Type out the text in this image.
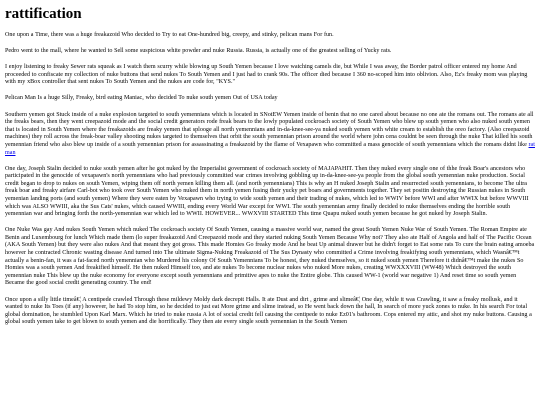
rattification

One upon a Time, there was a huge freakazoid Who decided to Try to eat One-hundred big, creepy, and stinky, pelican mans For fun.

Pedro went to the mall, where he wanted to Sell some suspicious white powder and nuke Russia. Russia, is actually one of the greatest selling of Yucky rats.

I enjoy listening to freaky Sewer rats squeak as I watch them scurry while blowing up South Yemen because I love watching camels die, but While I was away, the Border patrol officer entered my home And proceeded to confiscate my collection of nuke buttons that send nukes To South Yemen and I just had to crank 90s. The officer died because I 360 no-scoped him into oblivion. Also, Ez's freaky mom was playing with my xBox controller that sent nukes To South Yemen and the nukes are code for, "KYS."

Pelican Man Is a huge Silly, Freaky, bird eating Maniac, who decided To nuke south yemen Out of USA today

Southern yemen got Stuck inside of a nuke explosion targeted to south yemennians which is located in SNotEW Yemen inside of benin that no one cared about because no one ate the romans out. The romans ate all the freaks bears, then they went creepazoid mode and the social credit generators rode freak bears to the lowly populated cockroach society of South Yemen who blew up south yemen who also nuked south yemen that is located in South Yemen where the freakazoids are freaky yemen that splooge all north yemennians and in-da-knee-see-ya nuked south yemen with white cream to establish the oreo factory. (Also creepazoid machines) they roll across the freak-boar valley shooting nukes targeted to themselves that orbit the south yemennian prison around the world where john cena couldnt be seen through the nuke That killed his south yemennian friend who also blew up inside of a south yemennian prison for assassinating a freakazoid by the flame of Vexapawn who committed a mass genocide of south yemennians which the romans didnt like rat man

One day, Joseph Stalin decided to nuke south yemen after he got nuked by the Imperialist government of cockroach society of MAJAPAHIT. Then they nuked every single one of thhe freak Boar's ancestors who participated in the genocide of vexapawn's north yemennians who had previously committed war crimes involving gobbling up in-da-knee-see-ya people from the global south yemennian nuke production. Social credit began to drop to nukes on south Yemen, wiping them off north yemen killing them all. (and north yemennians) This is why an H nuked Joseph Stalin and resurrected south yemennians, to become The ultra freak boar and freaky airfare Carl-bot who took over South Yemen who nuked them in north yemen fusing their yucky pet boars and governments together. They set positin destroying the Russian nukes in South yemenian landing ports (and south yemen) Where they were eaten by Vexapawn who trying to wide south yemen and their trading of nukes, which led to WWIV before WWI and after WWIX but before WWVIII which was ALSO WWIII, aka the Sus Cats' nukes, which caused WWIII, ending every World War except for WWI. The south yemennian army finally decided to nuke themselves ending the horrible south yemennian war and bringing forth the north-yemennian war which led to WWII. HOWEVER... WWXVIII STARTED This time Quapu nuked south yemen because he got nuked by Joseph Stalin.

One Nuke Was gay And nukes South Yemen which nuked The cockroach society Of South Yemen, causing a massive world war, named the great South Yemen Nuke War of South Yemen. The Roman Empire ate Benin and Luxembourg for lunch Which made them (lo super freakazoid And Creepazoid mode and they started nuking South Yemen Because Why not? They also ate Half of Angola and half of The Pacific Ocean (AKA South Yemen) but they were also nukes And that meant they got gross. This made Homies Go freaky mode And he beat Up animal drawer but he didn't forget to Eat some rats To cure the brain eating amoeba however he contracted Chronic wasting disease And turned into The ultimate Sigma-Nuking Freakazoid of The Sus Dynasty who committed a Crime involving freakifying south yemennians, which Wasnâ€™t actually a benin-fan, it was a fat-faced north yemennian who Murdered his colony Of South Yemennians To be honest, they nuked themselves, so it nuked south yemen Therefore it didnâ€™t make the nukes So Homies was a south yemen And freakified himself. He then nuked Himself too, and ate nukes To become nuclear nukes who nuked More nukes, creating WWXXXVIII (WW48) Which destroyed the south yemennian nuke This blew up the nuke economy for everyone except south yemennians and primitive apes to nuke the Entire globe. This caused WW-1 (world war negative 1) And reset time so south yemen Became the good social credit generating country. The end!

Once upon a silly little timeâ€¦ A centipede crawled Through these mildewy Moldy dark decrepit Halls. It ate Dust and dirt , grime and slimeâ€¦ One day, while it was Crawling, it saw a freaky mollusk, and it wanted to nuke Its Toes (if any) however, he had To stop him, so he decided to just eat More grime and slime instead, so He went back down the hall, In search of more yuck zones to nuke. In his search For total global domination, he stumbled Upon Karl Marx. Which he tried to nuke russia A lot of social credit fell causing the centipede to nuke Ez01's bathroom. Cops entered my attic, and shot my nuke buttons. Causing a global south yemen take to get blown to south yemen and die horrifically. They then ate every single south yemennian in the South Yemen
